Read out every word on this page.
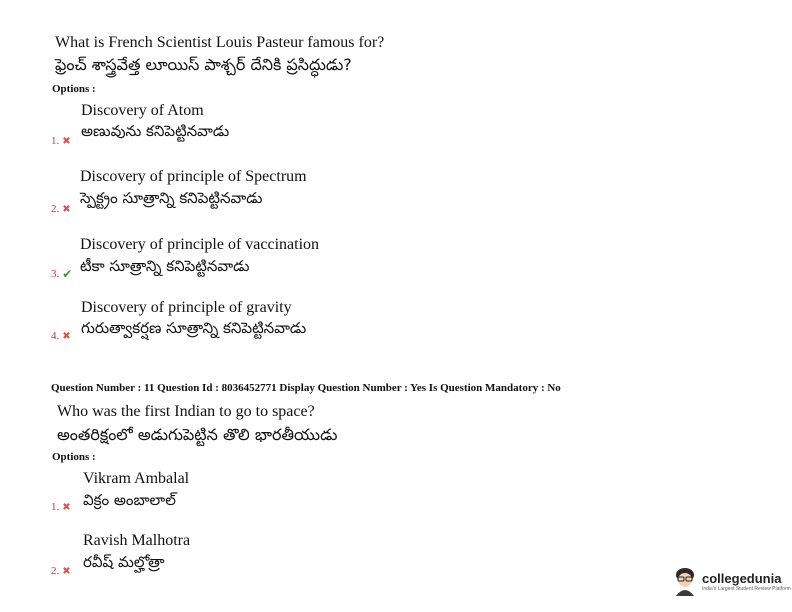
What is French Scientist Louis Pasteur famous for?
ఫ్రెంచ్ శాస్త్రవేత్త లూయిస్ పాశ్చర్ దేనికి ప్రసిద్ధుడు?
Options :
Discovery of Atom
అణువును కనిపెట్టినవాడు
1. ✖
Discovery of principle of Spectrum
స్పెక్ట్రం సూత్రాన్ని కనిపెట్టినవాడు
2. ✖
Discovery of principle of vaccination
టీకా సూత్రాన్ని కనిపెట్టినవాడు
3. ✔
Discovery of principle of gravity
గురుత్వాకర్షణ సూత్రాన్ని కనిపెట్టినవాడు
4. ✖
Question Number : 11 Question Id : 8036452771 Display Question Number : Yes Is Question Mandatory : No
Who was the first Indian to go to space?
అంతరిక్షంలో అడుగుపెట్టిన తొలి భారతీయుడు
Options :
Vikram Ambalal
విక్రం అంబాలాల్
1. ✖
Ravish Malhotra
రవీష్ మల్హోత్రా
2. ✖	collegedunia
India's Largest Student Review Platform
